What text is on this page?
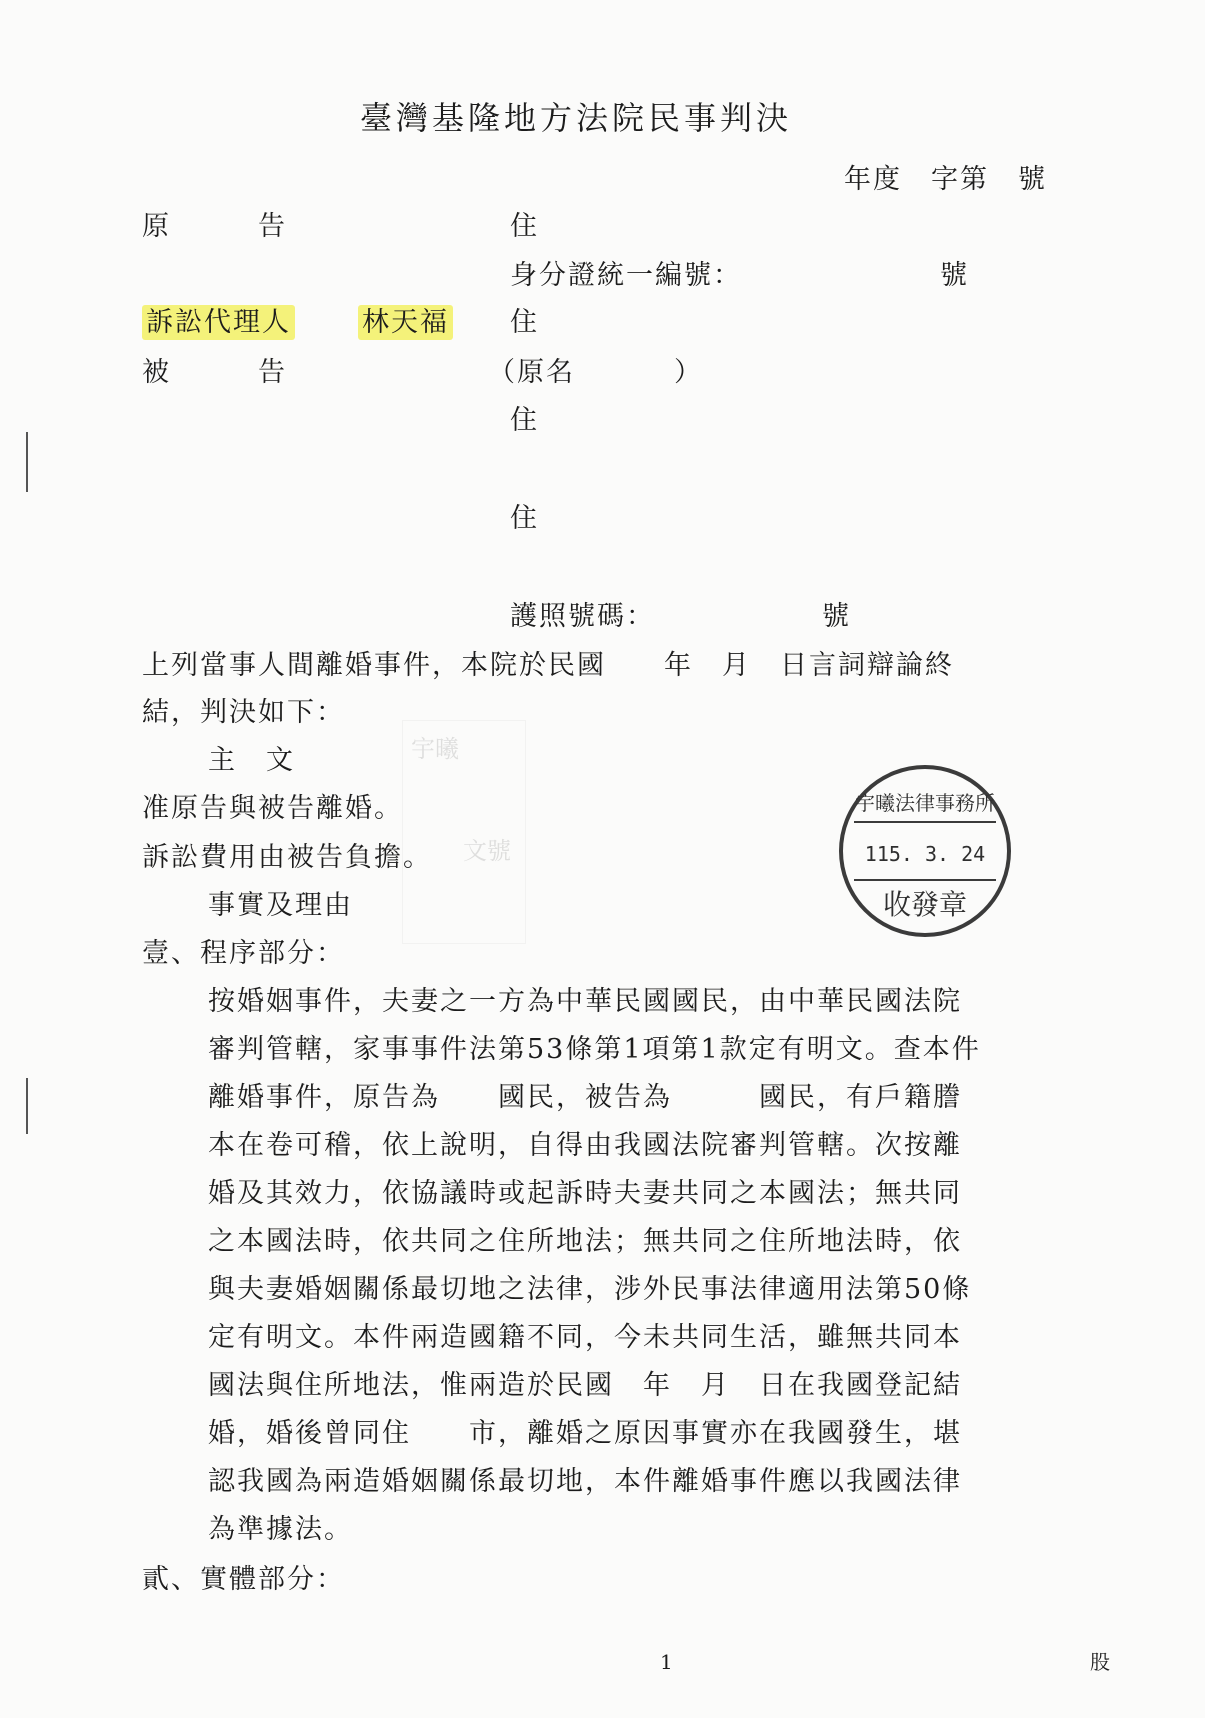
臺灣基隆地方法院民事判決
年度　字第　號
原　　　告	住
身分證統一編號：	號
訴訟代理人	林天福 住
被　　　告	（原名	）
住
住
護照號碼：	號
上列當事人間離婚事件，本院於民國　　年　月　日言詞辯論終
結，判決如下：
主　文
准原告與被告離婚。
訴訟費用由被告負擔。
宇曦
文號
事實及理由
壹、程序部分：
按婚姻事件，夫妻之一方為中華民國國民，由中華民國法院
審判管轄，家事事件法第53條第1項第1款定有明文。查本件
離婚事件，原告為　　國民，被告為　　　國民，有戶籍謄
本在卷可稽，依上說明，自得由我國法院審判管轄。次按離
婚及其效力，依協議時或起訴時夫妻共同之本國法；無共同
之本國法時，依共同之住所地法；無共同之住所地法時，依
與夫妻婚姻關係最切地之法律，涉外民事法律適用法第50條
定有明文。本件兩造國籍不同，今未共同生活，雖無共同本
國法與住所地法，惟兩造於民國　年　月　日在我國登記結
婚，婚後曾同住　　市，離婚之原因事實亦在我國發生，堪
認我國為兩造婚姻關係最切地，本件離婚事件應以我國法律
為準據法。
貳、實體部分：
宇曦法律事務所
115. 3. 24
收發章
1	股
